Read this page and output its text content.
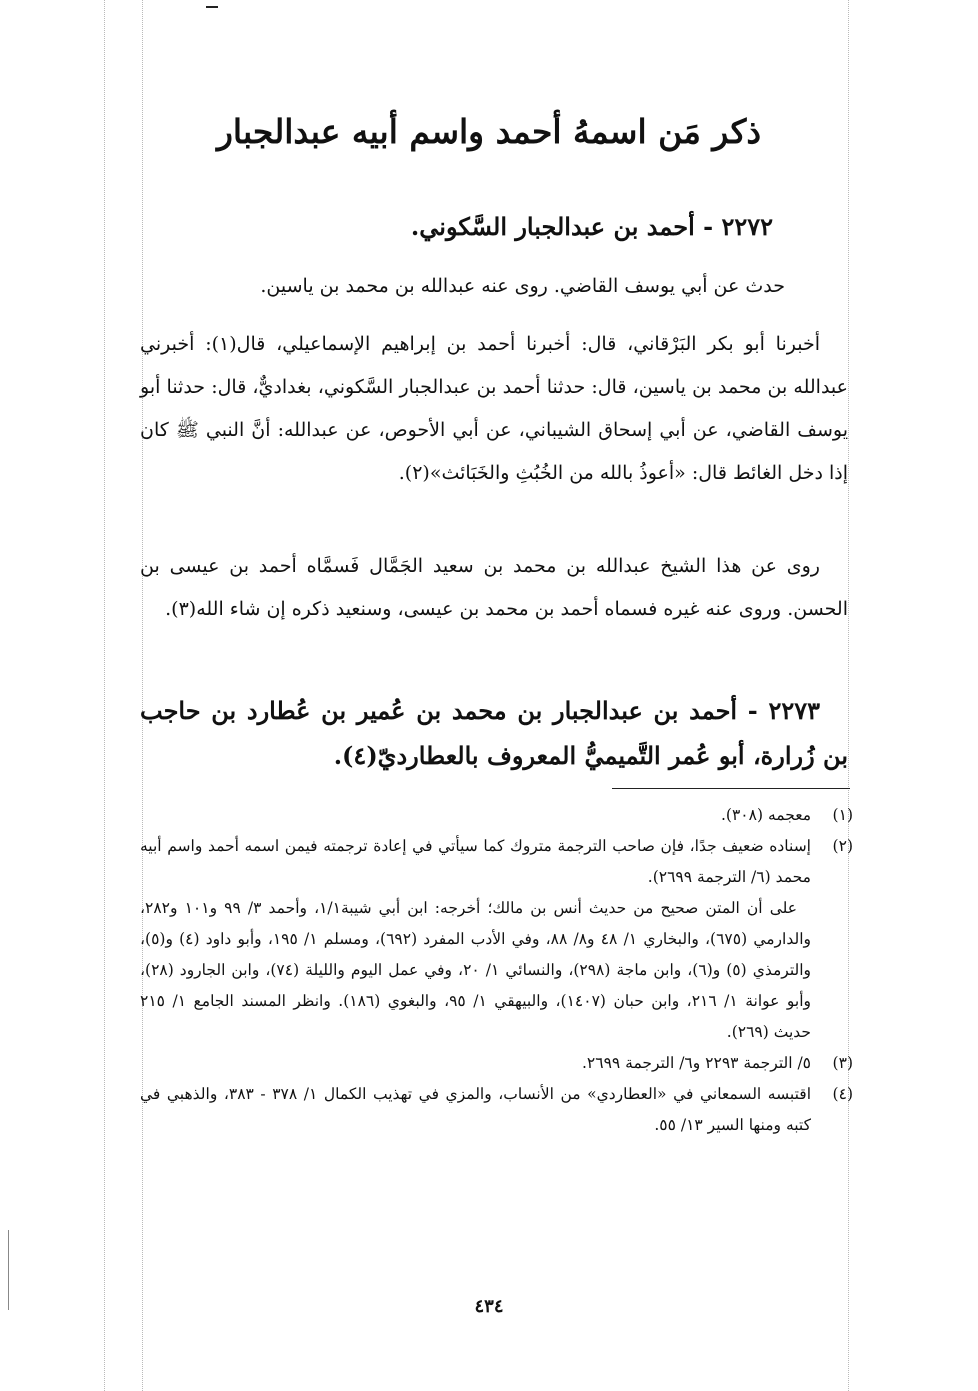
ذكر مَن اسمهُ أحمد واسم أبيه عبدالجبار
٢٢٧٢ - أحمد بن عبدالجبار السَّكوني.
حدث عن أبي يوسف القاضي. روى عنه عبدالله بن محمد بن ياسين.
أخبرنا أبو بكر البَرْقاني، قال: أخبرنا أحمد بن إبراهيم الإسماعيلي، قال(١): أخبرني عبدالله بن محمد بن ياسين، قال: حدثنا أحمد بن عبدالجبار السَّكوني، بغداديٌّ، قال: حدثنا أبو يوسف القاضي، عن أبي إسحاق الشيباني، عن أبي الأحوص، عن عبدالله: أنَّ النبي ﷺ كان إذا دخل الغائط قال: «أعوذُ بالله من الخُبُثِ والخَبَائث»(٢).
روى عن هذا الشيخ عبدالله بن محمد بن سعيد الجَمَّال فَسمَّاه أحمد بن عيسى بن الحسن. وروى عنه غيره فسماه أحمد بن محمد بن عيسى، وسنعيد ذكره إن شاء الله(٣).
٢٢٧٣ - أحمد بن عبدالجبار بن محمد بن عُمير بن عُطارد بن حاجب بن زُرارة، أبو عُمر التَّميميُّ المعروف بالعطارديّ(٤).
(١)
معجمه (٣٠٨).
(٢)
إسناده ضعيف جدًا، فإن صاحب الترجمة متروك كما سيأتي في إعادة ترجمته فيمن اسمه أحمد واسم أبيه محمد (٦/ الترجمة ٢٦٩٩).
على أن المتن صحيح من حديث أنس بن مالك؛ أخرجه: ابن أبي شيبة١/١، وأحمد ٣/ ٩٩ و١٠١ و٢٨٢، والدارمي (٦٧٥)، والبخاري ١/ ٤٨ و٨/ ٨٨، وفي الأدب المفرد (٦٩٢)، ومسلم ١/ ١٩٥، وأبو داود (٤) و(٥)، والترمذي (٥) و(٦)، وابن ماجة (٢٩٨)، والنسائي ١/ ٢٠، وفي عمل اليوم والليلة (٧٤)، وابن الجارود (٢٨)، وأبو عوانة ١/ ٢١٦، وابن حبان (١٤٠٧)، والبيهقي ١/ ٩٥، والبغوي (١٨٦). وانظر المسند الجامع ١/ ٢١٥ حديث (٢٦٩).
(٣)
٥/ الترجمة ٢٢٩٣ و٦/ الترجمة ٢٦٩٩.
(٤)
اقتبسه السمعاني في «العطاردي» من الأنساب، والمزي في تهذيب الكمال ١/ ٣٧٨ - ٣٨٣، والذهبي في كتبه ومنها السير ١٣/ ٥٥.
٤٣٤
